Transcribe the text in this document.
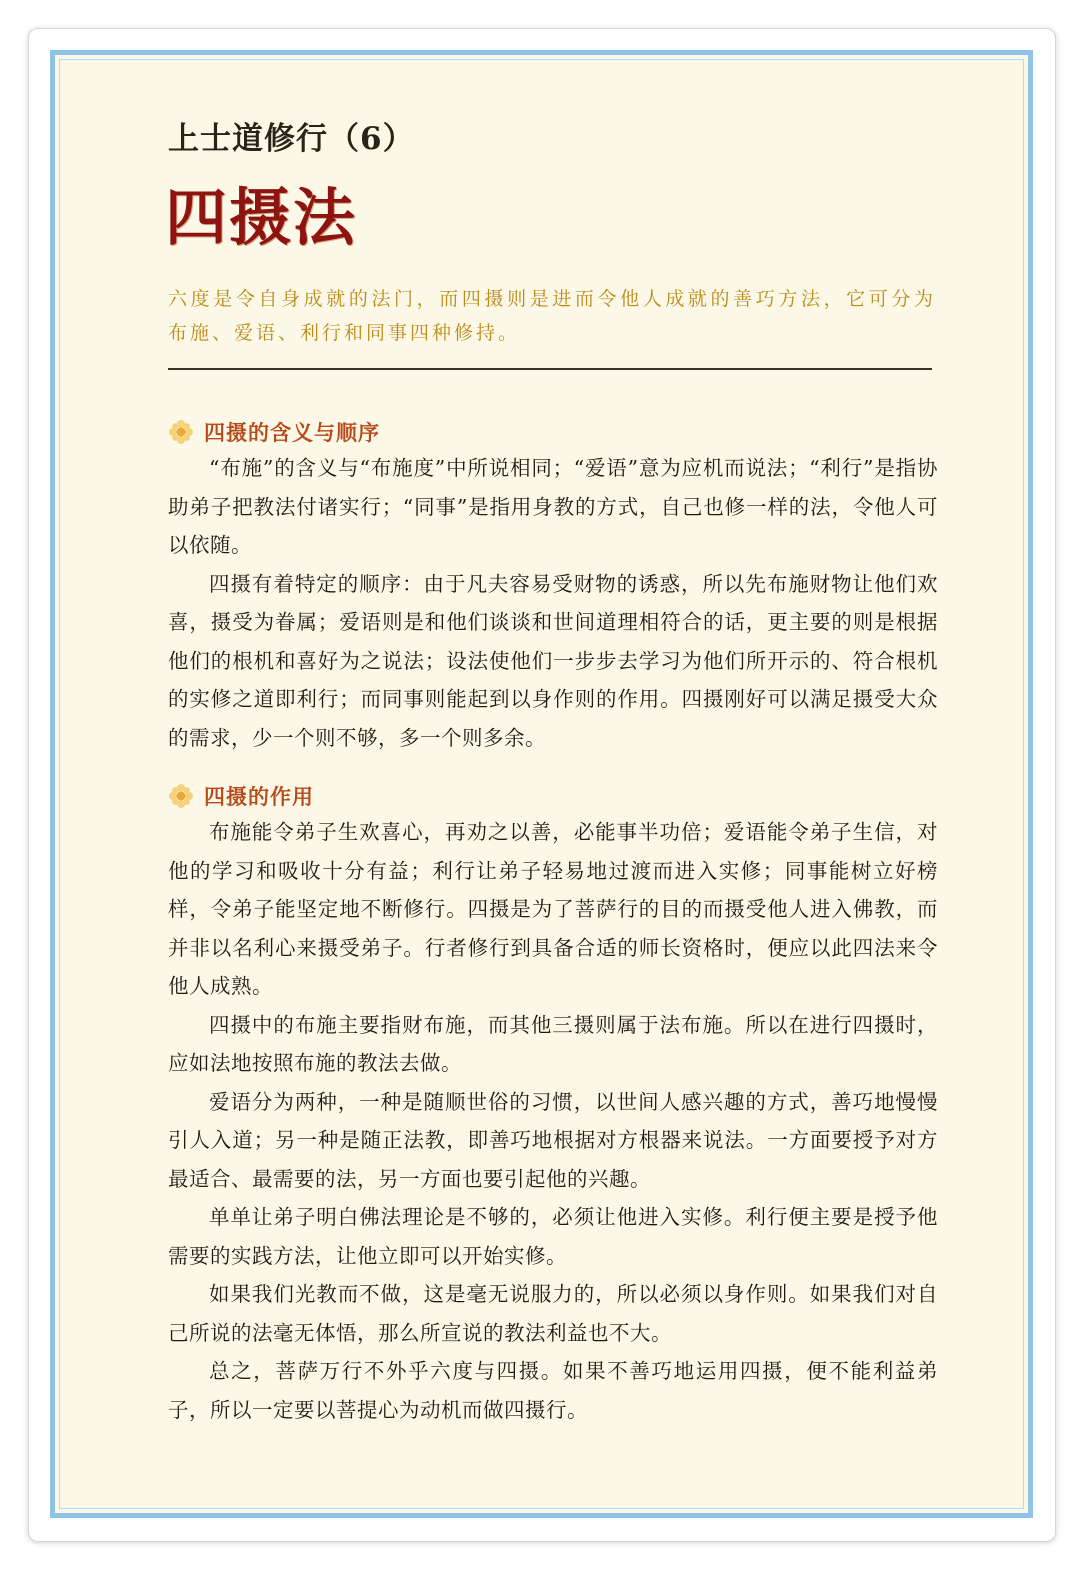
上士道修行（6）
四摄法

六度是令自身成就的法门，而四摄则是进而令他人成就的善巧方法，它可分为布施、爱语、利行和同事四种修持。

四摄的含义与顺序

“布施”的含义与“布施度”中所说相同；“爱语”意为应机而说法；“利行”是指协助弟子把教法付诸实行；“同事”是指用身教的方式，自己也修一样的法，令他人可以依随。

四摄有着特定的顺序：由于凡夫容易受财物的诱惑，所以先布施财物让他们欢喜，摄受为眷属；爱语则是和他们谈谈和世间道理相符合的话，更主要的则是根据他们的根机和喜好为之说法；设法使他们一步步去学习为他们所开示的、符合根机的实修之道即利行；而同事则能起到以身作则的作用。四摄刚好可以满足摄受大众的需求，少一个则不够，多一个则多余。

四摄的作用

布施能令弟子生欢喜心，再劝之以善，必能事半功倍；爱语能令弟子生信，对他的学习和吸收十分有益；利行让弟子轻易地过渡而进入实修；同事能树立好榜样，令弟子能坚定地不断修行。四摄是为了菩萨行的目的而摄受他人进入佛教，而并非以名利心来摄受弟子。行者修行到具备合适的师长资格时，便应以此四法来令他人成熟。

四摄中的布施主要指财布施，而其他三摄则属于法布施。所以在进行四摄时，应如法地按照布施的教法去做。

爱语分为两种，一种是随顺世俗的习惯，以世间人感兴趣的方式，善巧地慢慢引人入道；另一种是随正法教，即善巧地根据对方根器来说法。一方面要授予对方最适合、最需要的法，另一方面也要引起他的兴趣。

单单让弟子明白佛法理论是不够的，必须让他进入实修。利行便主要是授予他需要的实践方法，让他立即可以开始实修。

如果我们光教而不做，这是毫无说服力的，所以必须以身作则。如果我们对自己所说的法毫无体悟，那么所宣说的教法利益也不大。

总之，菩萨万行不外乎六度与四摄。如果不善巧地运用四摄，便不能利益弟子，所以一定要以菩提心为动机而做四摄行。
